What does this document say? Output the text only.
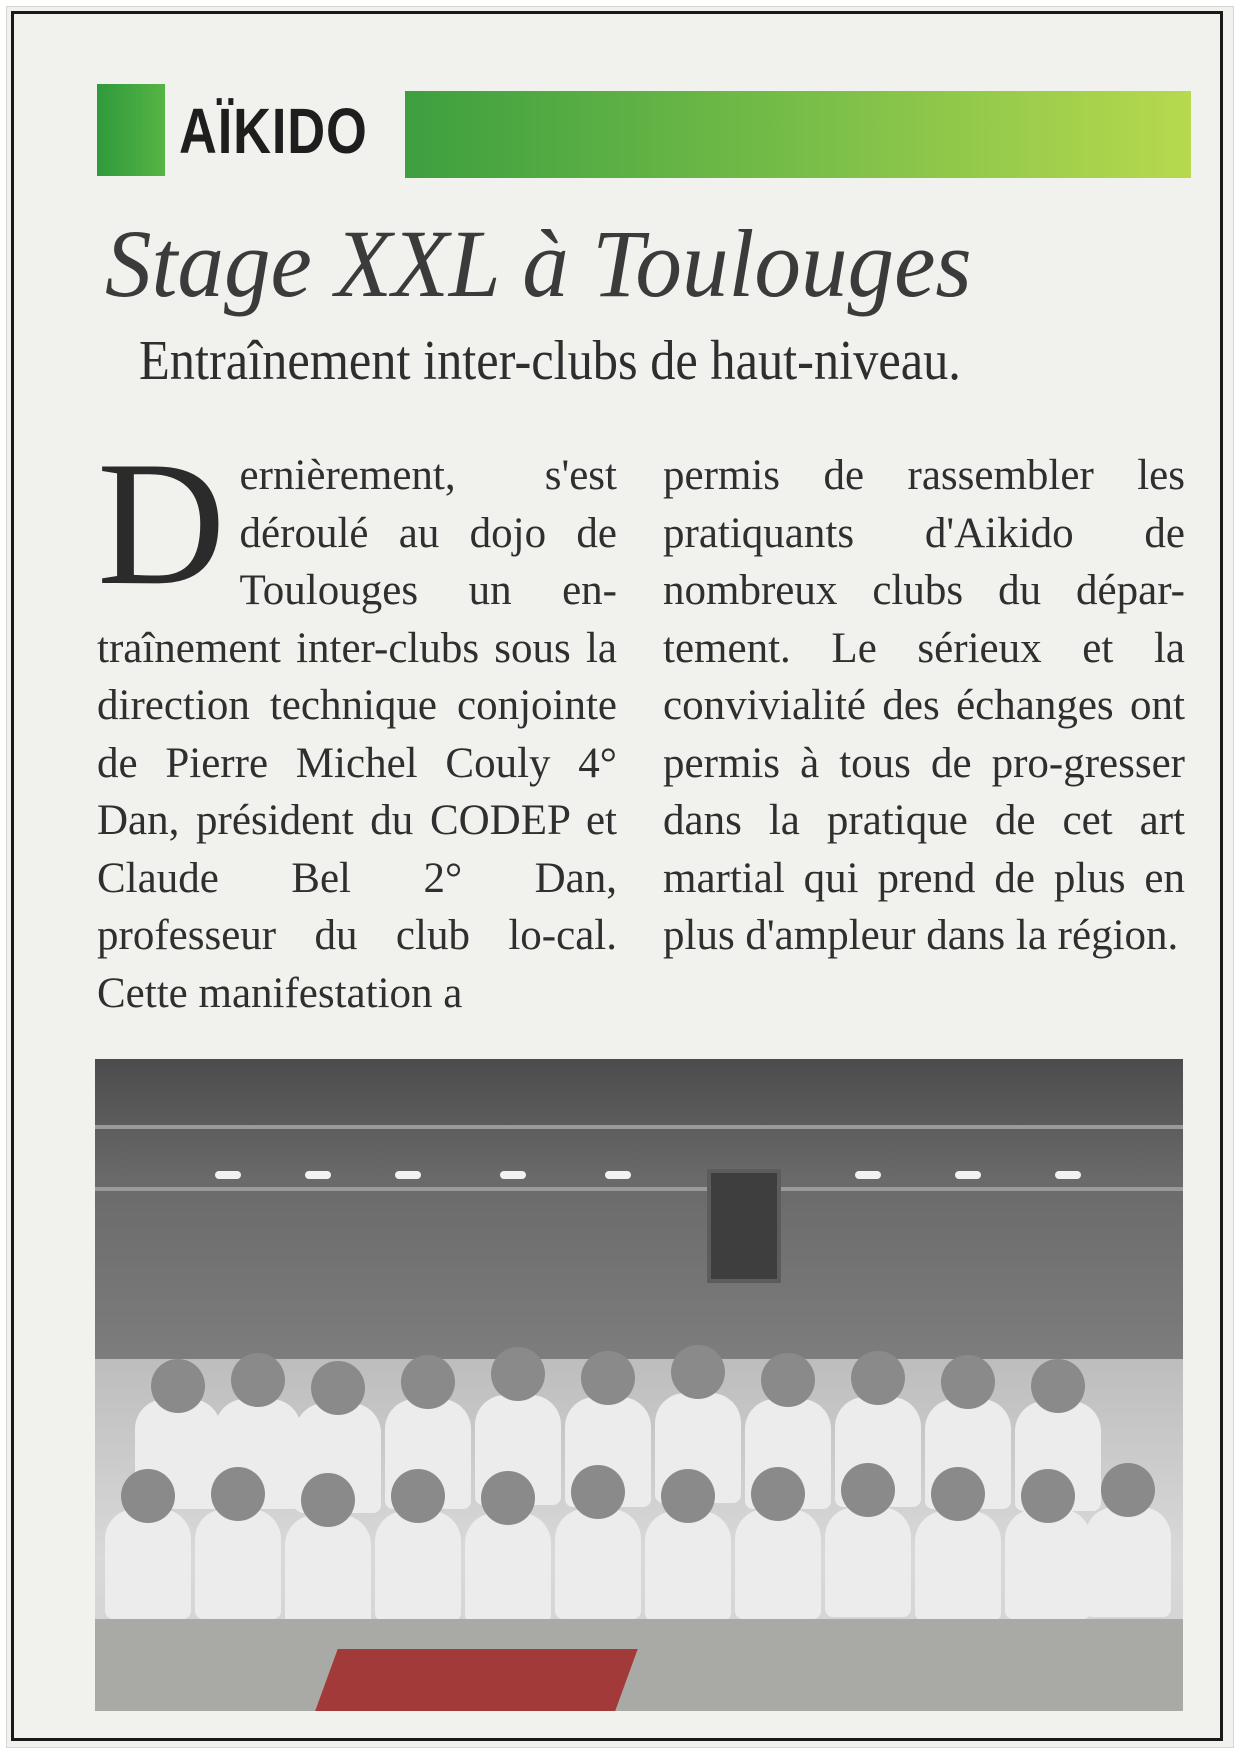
AÏKIDO
Stage XXL à Toulouges
Entraînement inter-clubs de haut-niveau.
Dernièrement, s'est déroulé au dojo de Toulouges un en-traînement inter-clubs sous la direction technique conjointe de Pierre Michel Couly 4° Dan, président du CODEP et Claude Bel 2° Dan, professeur du club lo-cal. Cette manifestation a
permis de rassembler les pratiquants d'Aikido de nombreux clubs du dépar-tement. Le sérieux et la convivialité des échanges ont permis à tous de pro-gresser dans la pratique de cet art martial qui prend de plus en plus d'ampleur dans la région.
